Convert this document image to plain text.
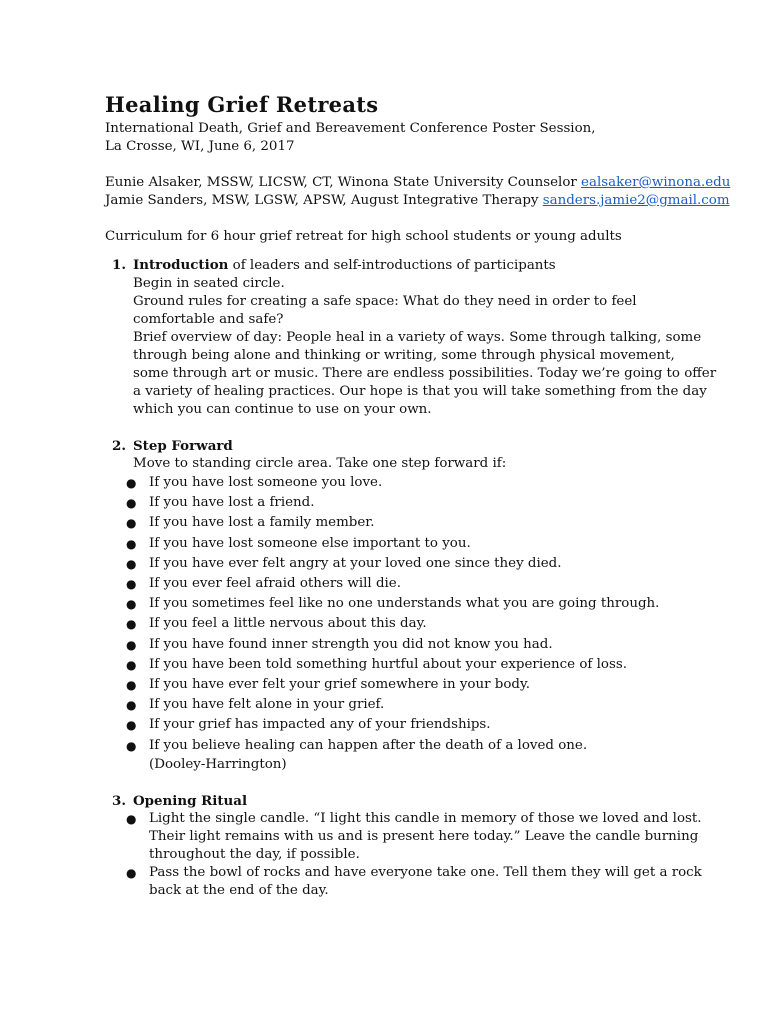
Healing Grief Retreats
International Death, Grief and Bereavement Conference Poster Session,
La Crosse, WI, June 6, 2017
Eunie Alsaker, MSSW, LICSW, CT, Winona State University Counselor ealsaker@winona.edu
Jamie Sanders, MSW, LGSW, APSW, August Integrative Therapy sanders.jamie2@gmail.com
Curriculum for 6 hour grief retreat for high school students or young adults
1. Introduction of leaders and self-introductions of participants
Begin in seated circle.
Ground rules for creating a safe space: What do they need in order to feel
comfortable and safe?
Brief overview of day: People heal in a variety of ways. Some through talking, some
through being alone and thinking or writing, some through physical movement,
some through art or music. There are endless possibilities. Today we’re going to offer
a variety of healing practices. Our hope is that you will take something from the day
which you can continue to use on your own.
2. Step Forward
Move to standing circle area. Take one step forward if:
● If you have lost someone you love.
● If you have lost a friend.
● If you have lost a family member.
● If you have lost someone else important to you.
● If you have ever felt angry at your loved one since they died.
● If you ever feel afraid others will die.
● If you sometimes feel like no one understands what you are going through.
● If you feel a little nervous about this day.
● If you have found inner strength you did not know you had.
● If you have been told something hurtful about your experience of loss.
● If you have ever felt your grief somewhere in your body.
● If you have felt alone in your grief.
● If your grief has impacted any of your friendships.
● If you believe healing can happen after the death of a loved one.
(Dooley-Harrington)
3. Opening Ritual
● Light the single candle. “I light this candle in memory of those we loved and lost.
Their light remains with us and is present here today.” Leave the candle burning
throughout the day, if possible.
● Pass the bowl of rocks and have everyone take one. Tell them they will get a rock
back at the end of the day.
